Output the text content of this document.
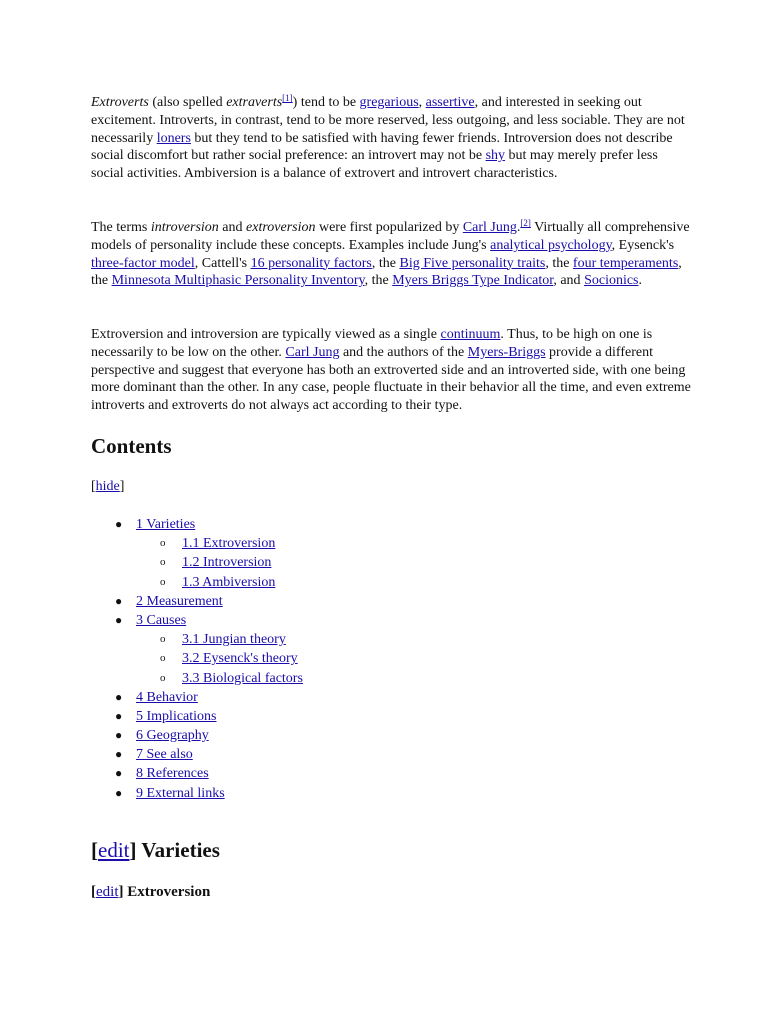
Extroverts (also spelled extraverts[1]) tend to be gregarious, assertive, and interested in seeking out excitement. Introverts, in contrast, tend to be more reserved, less outgoing, and less sociable. They are not necessarily loners but they tend to be satisfied with having fewer friends. Introversion does not describe social discomfort but rather social preference: an introvert may not be shy but may merely prefer less social activities. Ambiversion is a balance of extrovert and introvert characteristics.

The terms introversion and extroversion were first popularized by Carl Jung.[2] Virtually all comprehensive models of personality include these concepts. Examples include Jung's analytical psychology, Eysenck's three-factor model, Cattell's 16 personality factors, the Big Five personality traits, the four temperaments, the Minnesota Multiphasic Personality Inventory, the Myers Briggs Type Indicator, and Socionics.

Extroversion and introversion are typically viewed as a single continuum. Thus, to be high on one is necessarily to be low on the other. Carl Jung and the authors of the Myers-Briggs provide a different perspective and suggest that everyone has both an extroverted side and an introverted side, with one being more dominant than the other. In any case, people fluctuate in their behavior all the time, and even extreme introverts and extroverts do not always act according to their type.

Contents

[hide]

● 1 Varieties
o 1.1 Extroversion
o 1.2 Introversion
o 1.3 Ambiversion
● 2 Measurement
● 3 Causes
o 3.1 Jungian theory
o 3.2 Eysenck's theory
o 3.3 Biological factors
● 4 Behavior
● 5 Implications
● 6 Geography
● 7 See also
● 8 References
● 9 External links
[edit] Varieties
[edit] Extroversion
